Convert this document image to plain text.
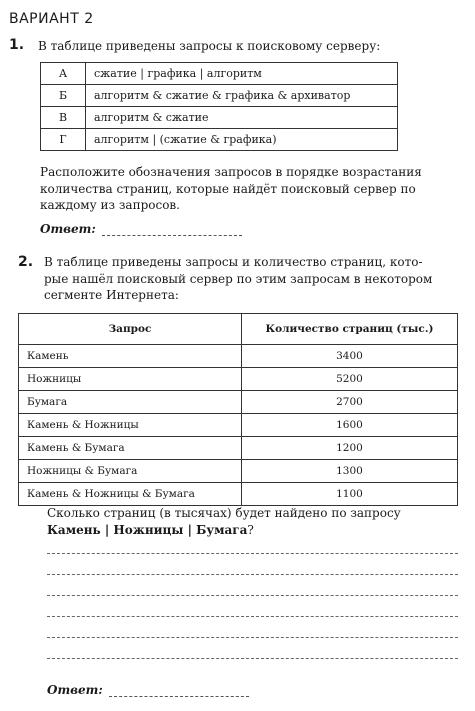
ВАРИАНТ 2
1. В таблице приведены запросы к поисковому серверу:
А	сжатие | графика | алгоритм
Б	алгоритм & сжатие & графика & архиватор
В	алгоритм & сжатие
Г	алгоритм | (сжатие & графика)
Расположите обозначения запросов в порядке возрастания
количества страниц, которые найдёт поисковый сервер по
каждому из запросов.
Ответ:
2. В таблице приведены запросы и количество страниц, кото-
рые нашёл поисковый сервер по этим запросам в некотором
сегменте Интернета:
Запрос	Количество страниц (тыс.)
Камень	3400
Ножницы	5200
Бумага	2700
Камень & Ножницы	1600
Камень & Бумага	1200
Ножницы & Бумага	1300
Камень & Ножницы & Бумага	1100
Сколько страниц (в тысячах) будет найдено по запросу
Камень | Ножницы | Бумага?
Ответ:
